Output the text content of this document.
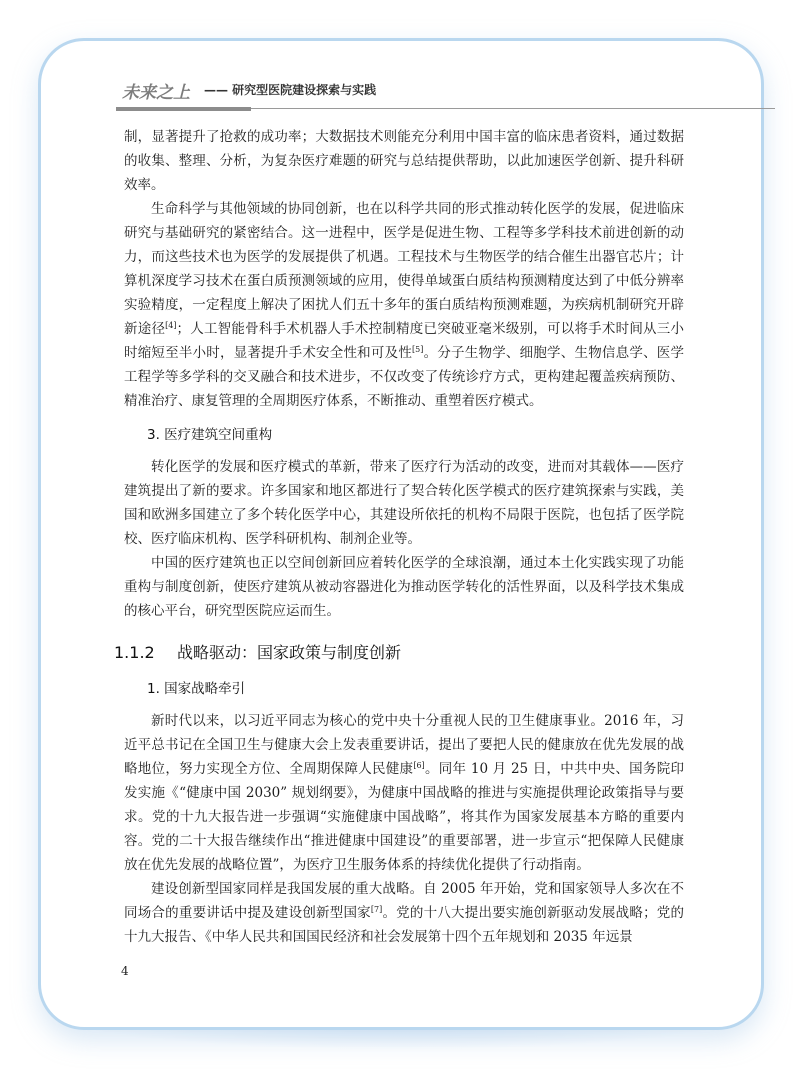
未来之上 —— 研究型医院建设探索与实践

制，显著提升了抢救的成功率；大数据技术则能充分利用中国丰富的临床患者资料，通过数据的收集、整理、分析，为复杂医疗难题的研究与总结提供帮助，以此加速医学创新、提升科研效率。

生命科学与其他领域的协同创新，也在以科学共同的形式推动转化医学的发展，促进临床研究与基础研究的紧密结合。这一进程中，医学是促进生物、工程等多学科技术前进创新的动力，而这些技术也为医学的发展提供了机遇。工程技术与生物医学的结合催生出器官芯片；计算机深度学习技术在蛋白质预测领域的应用，使得单域蛋白质结构预测精度达到了中低分辨率实验精度，一定程度上解决了困扰人们五十多年的蛋白质结构预测难题，为疾病机制研究开辟新途径[4]；人工智能骨科手术机器人手术控制精度已突破亚毫米级别，可以将手术时间从三小时缩短至半小时，显著提升手术安全性和可及性[5]。分子生物学、细胞学、生物信息学、医学工程学等多学科的交叉融合和技术进步，不仅改变了传统诊疗方式，更构建起覆盖疾病预防、精准治疗、康复管理的全周期医疗体系，不断推动、重塑着医疗模式。

3. 医疗建筑空间重构

转化医学的发展和医疗模式的革新，带来了医疗行为活动的改变，进而对其载体——医疗建筑提出了新的要求。许多国家和地区都进行了契合转化医学模式的医疗建筑探索与实践，美国和欧洲多国建立了多个转化医学中心，其建设所依托的机构不局限于医院，也包括了医学院校、医疗临床机构、医学科研机构、制剂企业等。

中国的医疗建筑也正以空间创新回应着转化医学的全球浪潮，通过本土化实践实现了功能重构与制度创新，使医疗建筑从被动容器进化为推动医学转化的活性界面，以及科学技术集成的核心平台，研究型医院应运而生。

1.1.2 战略驱动：国家政策与制度创新
1. 国家战略牵引

新时代以来，以习近平同志为核心的党中央十分重视人民的卫生健康事业。2016 年，习近平总书记在全国卫生与健康大会上发表重要讲话，提出了要把人民的健康放在优先发展的战略地位，努力实现全方位、全周期保障人民健康[6]。同年 10 月 25 日，中共中央、国务院印发实施《“健康中国 2030” 规划纲要》，为健康中国战略的推进与实施提供理论政策指导与要求。党的十九大报告进一步强调“实施健康中国战略”，将其作为国家发展基本方略的重要内容。党的二十大报告继续作出“推进健康中国建设”的重要部署，进一步宣示“把保障人民健康放在优先发展的战略位置”，为医疗卫生服务体系的持续优化提供了行动指南。

建设创新型国家同样是我国发展的重大战略。自 2005 年开始，党和国家领导人多次在不同场合的重要讲话中提及建设创新型国家[7]。党的十八大提出要实施创新驱动发展战略；党的十九大报告、《中华人民共和国国民经济和社会发展第十四个五年规划和 2035 年远景

4
